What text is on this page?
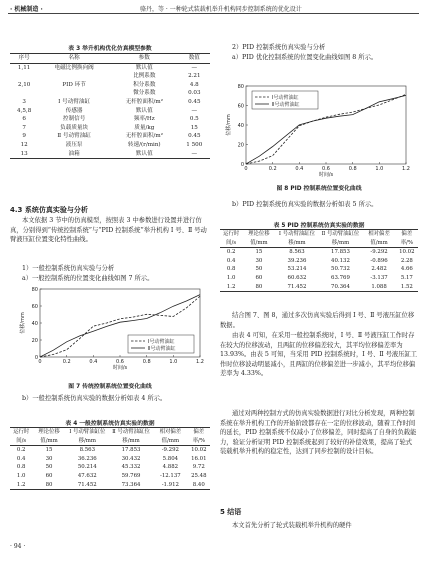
· 机械制造 ·	骆丹，等 · 一种轮式装载机举升机构同步控制系统的优化设计
表 3 举升机构优化仿真模型参数
序号	名称	参数	数值
1,11	电磁比例换向阀	默认值	—
		比例系数	2.21
2,10	PID 环节	积分系数	4.8
		微分系数	0.03
3	Ⅰ 号动臂油缸	无杆腔面积/m²	0.45
4,5,8	传感器	默认值	—
6	控制信号	频率/Hz	0.5
7	负载质量块	质量/kg	15
9	Ⅱ 号动臂油缸	无杆腔面积/m²	0.45
12	液压泵	转速/(r/min)	1 500
13	油箱	默认值	—
4.3 系统仿真实验与分析
本文依据 3 节中的仿真模型，按照表 3 中参数进行设置并进行仿真，分别得到“传统控制系统”与“PID 控制系统”举升机构 Ⅰ 号、Ⅱ 号动臂液压缸位置变化特性曲线。
1）一般控制系统仿真实验与分析
a）一般控制系统的位置变化曲线如图 7 所示。
0
20
40
60
80
0	0.2	0.4	0.6	0.8	1.0	1.2
时间/s
位移/mm
Ⅰ号动臂油缸
Ⅱ号动臂油缸
图 7 传统控制系统位置变化曲线
b）一般控制系统仿真实验的数据分析如表 4 所示。
表 4 一般控制系统仿真实验的数据
运行时间/s	理论位移值/mm	Ⅰ 号动臂油缸位移/mm	Ⅱ 号动臂油缸位移/mm	相对偏差值/mm	偏差率/%
0.2	15	8.563	17.853	-9.292	10.02
0.4	30	36.236	30.432	5.804	16.01
0.8	50	50.214	45.332	4.882	9.72
1.0	60	47.632	59.769	-12.137	25.48
1.2	80	71.452	73.364	-1.912	8.40
· 94 ·
2）PID 控制系统仿真实验与分析
a）PID 优化控制系统的位置变化曲线如图 8 所示。
0
20
40
60
80
0	0.2	0.4	0.6	0.8	1.0	1.2
时间/s
位移/mm
Ⅰ号动臂油缸
Ⅱ号动臂油缸
图 8 PID 控制系统位置变化曲线
b）PID 控制系统仿真实验的数据分析如表 5 所示。
表 5 PID 控制系统仿真实验的数据
运行时间/s	理论位移值/mm	Ⅰ 号动臂油缸位移/mm	Ⅱ 号动臂油缸位移/mm	相对偏差值/mm	偏差率/%
0.2	15	8.563	17.853	-9.292	10.02
0.4	30	39.236	40.132	-0.896	2.28
0.8	50	53.214	50.732	2.482	4.66
1.0	60	60.632	63.769	-3.137	5.17
1.2	80	71.452	70.364	1.088	1.52
结合图 7、图 8，通过多次仿真实验后得到 Ⅰ 号、Ⅱ 号液压缸位移数据。
由表 4 可知，在采用一般控制系统时，Ⅰ 号、Ⅱ 号液压缸工作时存在较大的位移波动，且两缸的位移偏差较大，其平均位移偏差率为 13.93%。由表 5 可知，当采用 PID 控制系统时，Ⅰ 号、Ⅱ 号液压缸工作时位移波动明显减小，且两缸的位移偏差进一步减小，其平均位移偏差率为 4.33%。
通过对两种控制方式的仿真实验数据进行对比分析发现，两种控制系统在举升机构工作的开始阶段都存在一定的位移波动，随着工作时间的延长，PID 控制系统不仅减小了位移偏差，同时提高了自身的负载能力，验证分析证明 PID 控制系统起到了较好的补偿效果，提高了轮式装载机举升机构的稳定性，达到了同步控制的设计目标。
5 结语
本文首先分析了轮式装载机举升机构的硬件
